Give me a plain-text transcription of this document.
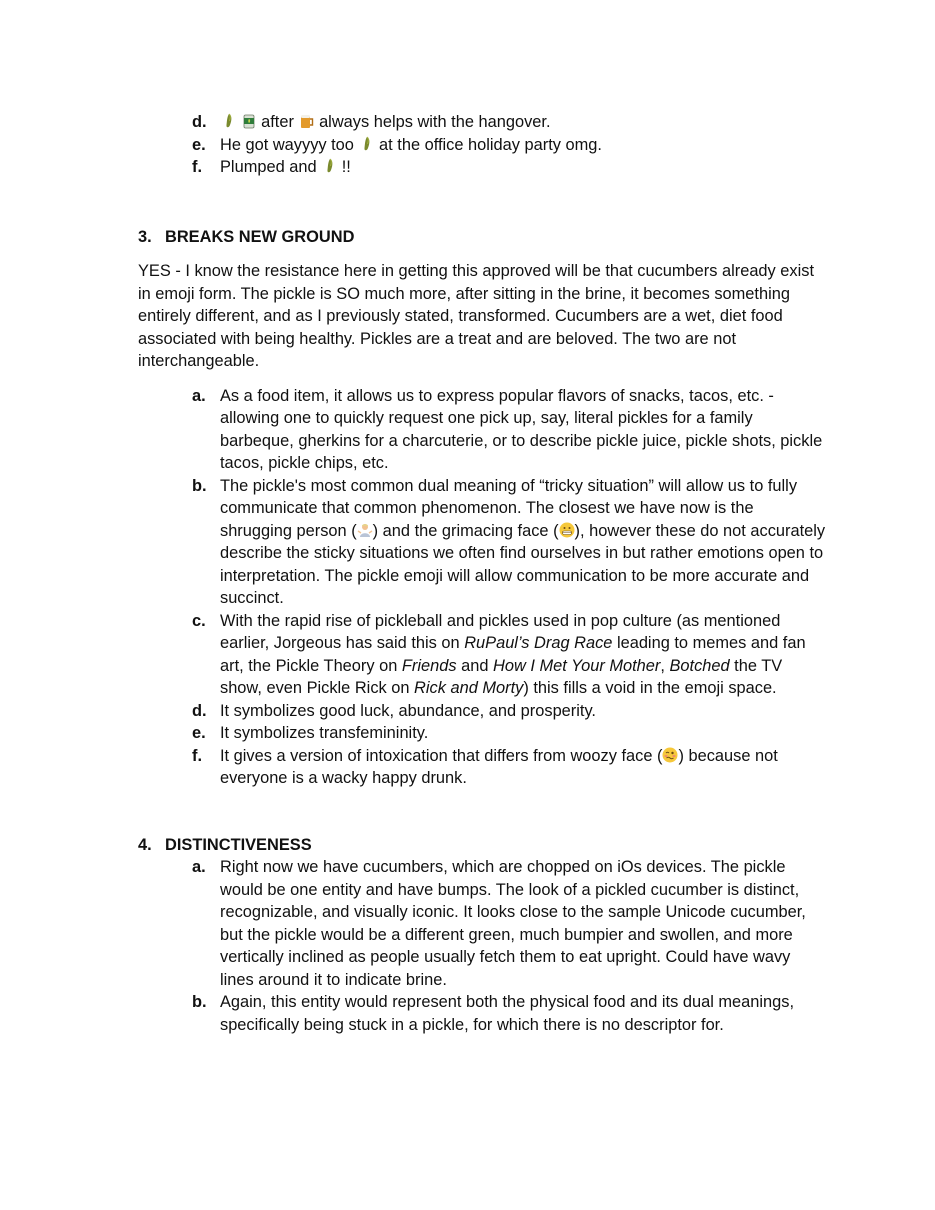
d.
	after always helps with the hangover.
e. He got wayyyy too at the office holiday party omg.
f.	Plumped and !!
3. BREAKS NEW GROUND

YES - I know the resistance here in getting this approved will be that cucumbers already exist in emoji form. The pickle is SO much more, after sitting in the brine, it becomes something entirely different, and as I previously stated, transformed. Cucumbers are a wet, diet food associated with being healthy. Pickles are a treat and are beloved. The two are not interchangeable.

a. As a food item, it allows us to express popular flavors of snacks, tacos, etc. - allowing one to quickly request one pick up, say, literal pickles for a family barbeque, gherkins for a charcuterie, or to describe pickle juice, pickle shots, pickle tacos, pickle chips, etc.
b. The pickle's most common dual meaning of “tricky situation” will allow us to fully communicate that common phenomenon. The closest we have now is the shrugging person ( ) and the grimacing face ( ), however these do not accurately describe the sticky situations we often find ourselves in but rather emotions open to interpretation. The pickle emoji will allow communication to be more accurate and succinct.
c. With the rapid rise of pickleball and pickles used in pop culture (as mentioned earlier, Jorgeous has said this on RuPaul’s Drag Race leading to memes and fan art, the Pickle Theory on Friends and How I Met Your Mother, Botched the TV show, even Pickle Rick on Rick and Morty) this fills a void in the emoji space.
d. It symbolizes good luck, abundance, and prosperity.
e. It symbolizes transfemininity.
f.	It gives a version of intoxication that differs from woozy face ( ) because not everyone is a wacky happy drunk.
4. DISTINCTIVENESS
a. Right now we have cucumbers, which are chopped on iOs devices. The pickle would be one entity and have bumps. The look of a pickled cucumber is distinct, recognizable, and visually iconic. It looks close to the sample Unicode cucumber, but the pickle would be a different green, much bumpier and swollen, and more vertically inclined as people usually fetch them to eat upright. Could have wavy lines around it to indicate brine.
b. Again, this entity would represent both the physical food and its dual meanings, specifically being stuck in a pickle, for which there is no descriptor for.
